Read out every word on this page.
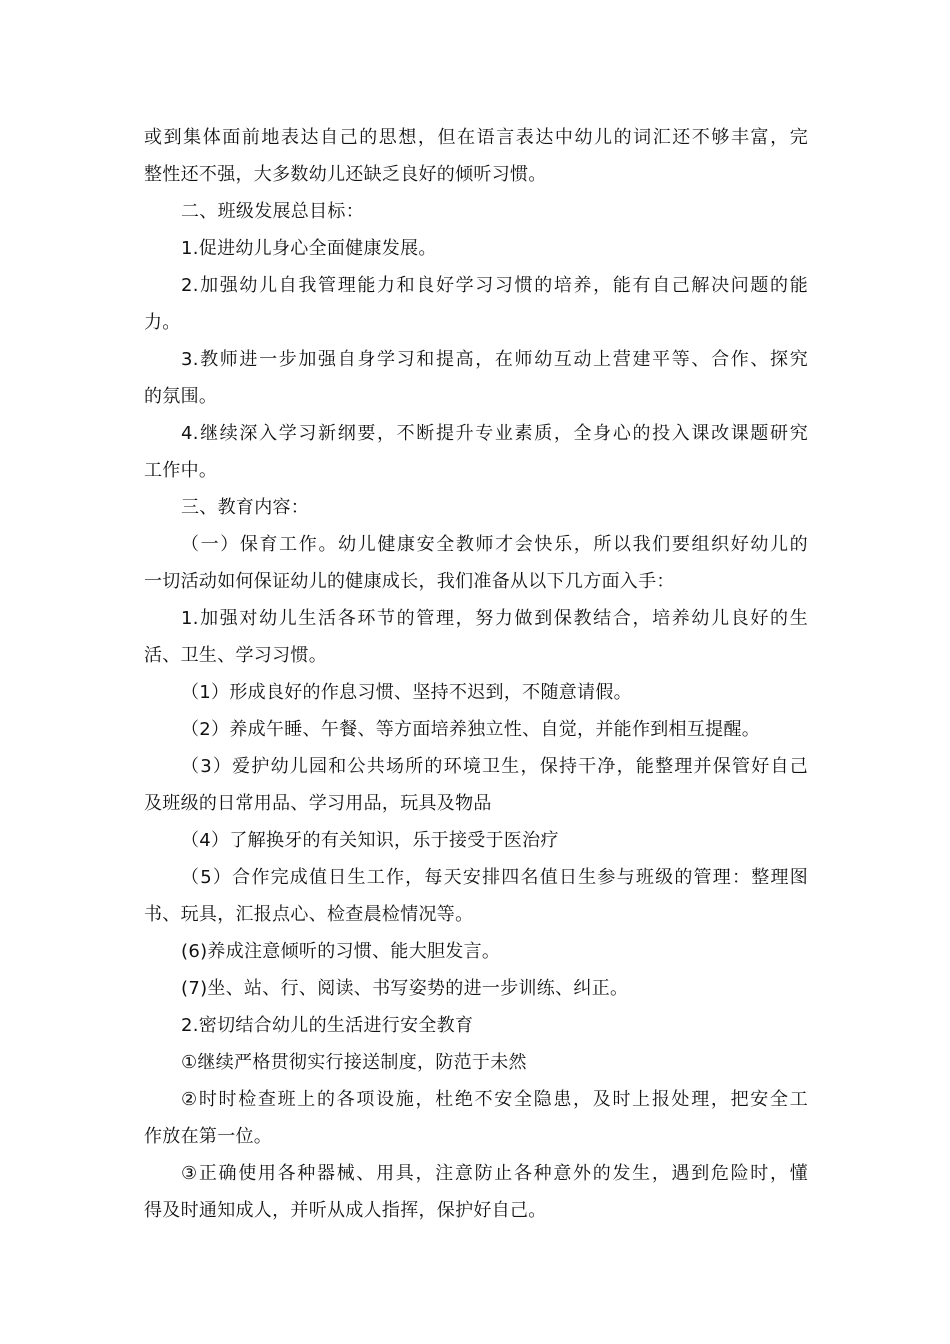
或到集体面前地表达自己的思想，但在语言表达中幼儿的词汇还不够丰富，完
整性还不强，大多数幼儿还缺乏良好的倾听习惯。
二、班级发展总目标：
1.促进幼儿身心全面健康发展。
2.加强幼儿自我管理能力和良好学习习惯的培养，能有自己解决问题的能
力。
3.教师进一步加强自身学习和提高，在师幼互动上营建平等、合作、探究
的氛围。
4.继续深入学习新纲要，不断提升专业素质，全身心的投入课改课题研究
工作中。
三、教育内容：
（一）保育工作。幼儿健康安全教师才会快乐，所以我们要组织好幼儿的
一切活动如何保证幼儿的健康成长，我们准备从以下几方面入手：
1.加强对幼儿生活各环节的管理，努力做到保教结合，培养幼儿良好的生
活、卫生、学习习惯。
（1）形成良好的作息习惯、坚持不迟到，不随意请假。
（2）养成午睡、午餐、等方面培养独立性、自觉，并能作到相互提醒。
（3）爱护幼儿园和公共场所的环境卫生，保持干净，能整理并保管好自己
及班级的日常用品、学习用品，玩具及物品
（4）了解换牙的有关知识，乐于接受于医治疗
（5）合作完成值日生工作，每天安排四名值日生参与班级的管理：整理图
书、玩具，汇报点心、检查晨检情况等。
(6)养成注意倾听的习惯、能大胆发言。
(7)坐、站、行、阅读、书写姿势的进一步训练、纠正。
2.密切结合幼儿的生活进行安全教育
①继续严格贯彻实行接送制度，防范于未然
②时时检查班上的各项设施，杜绝不安全隐患，及时上报处理，把安全工
作放在第一位。
③正确使用各种器械、用具，注意防止各种意外的发生，遇到危险时，懂
得及时通知成人，并听从成人指挥，保护好自己。
